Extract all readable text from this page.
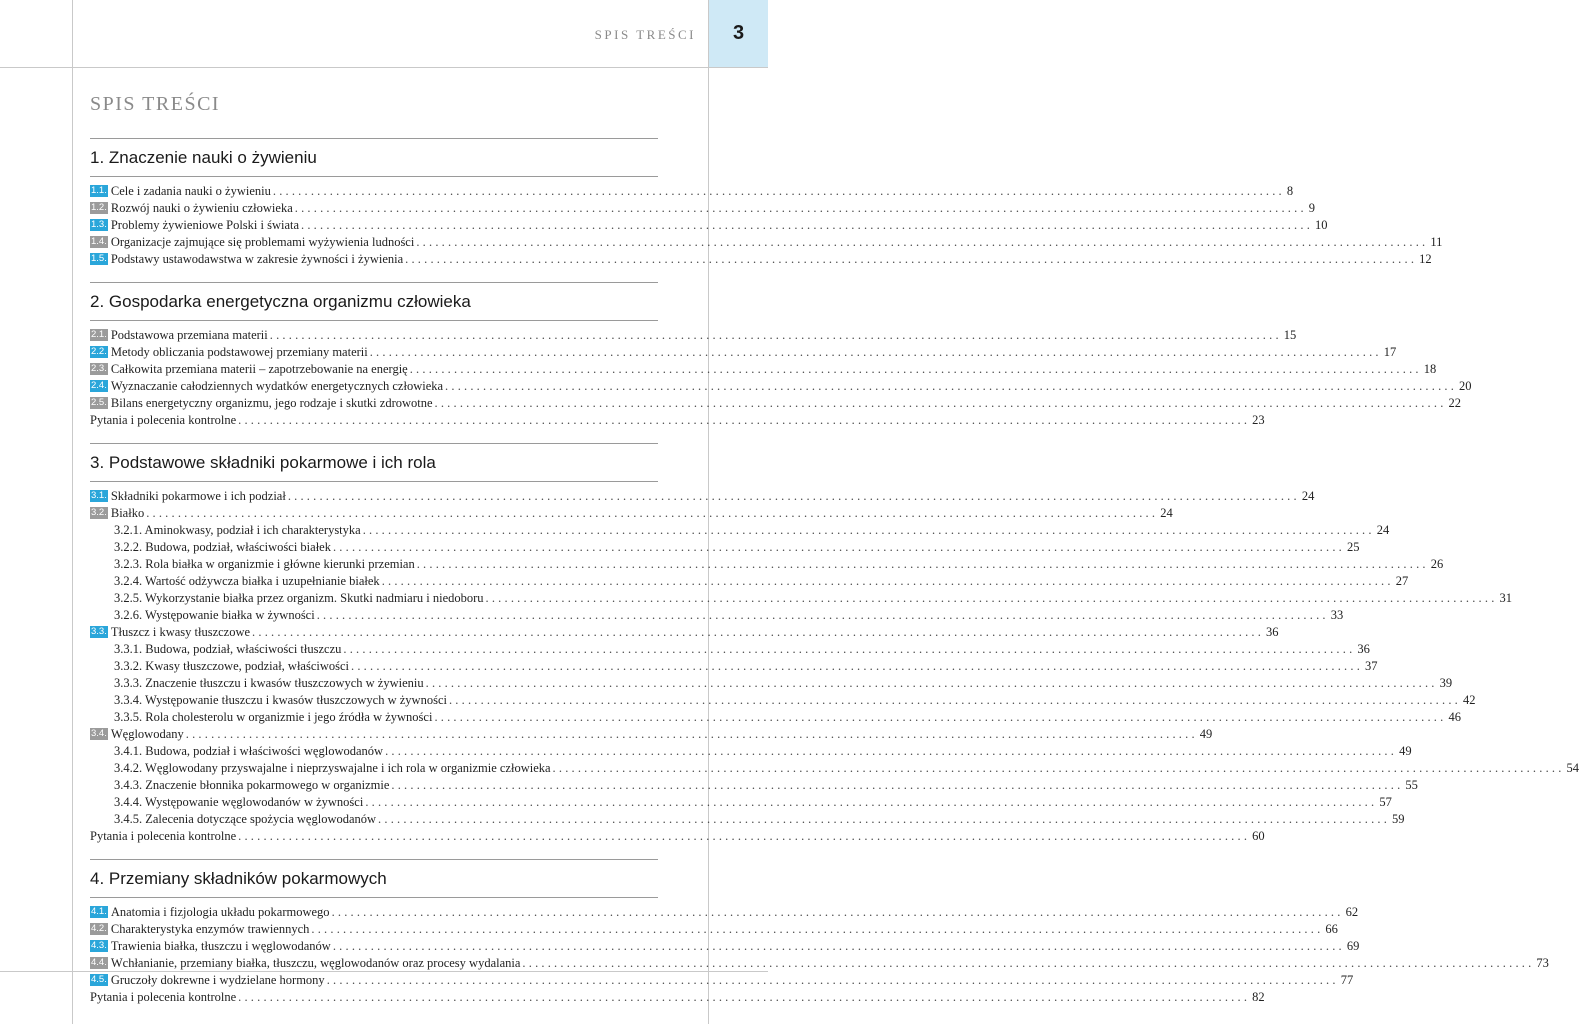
SPIS TREŚCI	3
SPIS TREŚCI
1. Znaczenie nauki o żywieniu
1.1. Cele i zadania nauki o żywieniu ................................................................................................................................................................ 8
1.2. Rozwój nauki o żywieniu człowieka ................................................................................................................................................................ 9
1.3. Problemy żywieniowe Polski i świata ................................................................................................................................................................ 10
1.4. Organizacje zajmujące się problemami wyżywienia ludności ................................................................................................................................................................ 11
1.5. Podstawy ustawodawstwa w zakresie żywności i żywienia ................................................................................................................................................................ 12
2. Gospodarka energetyczna organizmu człowieka
2.1. Podstawowa przemiana materii ................................................................................................................................................................ 15
2.2. Metody obliczania podstawowej przemiany materii ................................................................................................................................................................ 17
2.3. Całkowita przemiana materii – zapotrzebowanie na energię ................................................................................................................................................................ 18
2.4. Wyznaczanie całodziennych wydatków energetycznych człowieka ................................................................................................................................................................ 20
2.5. Bilans energetyczny organizmu, jego rodzaje i skutki zdrowotne ................................................................................................................................................................ 22
Pytania i polecenia kontrolne ................................................................................................................................................................ 23
3. Podstawowe składniki pokarmowe i ich rola
3.1. Składniki pokarmowe i ich podział ................................................................................................................................................................ 24
3.2. Białko ................................................................................................................................................................ 24
3.2.1. Aminokwasy, podział i ich charakterystyka ................................................................................................................................................................ 24
3.2.2. Budowa, podział, właściwości białek ................................................................................................................................................................ 25
3.2.3. Rola białka w organizmie i główne kierunki przemian ................................................................................................................................................................ 26
3.2.4. Wartość odżywcza białka i uzupełnianie białek ................................................................................................................................................................ 27
3.2.5. Wykorzystanie białka przez organizm. Skutki nadmiaru i niedoboru ................................................................................................................................................................ 31
3.2.6. Występowanie białka w żywności ................................................................................................................................................................ 33
3.3. Tłuszcz i kwasy tłuszczowe ................................................................................................................................................................ 36
3.3.1. Budowa, podział, właściwości tłuszczu ................................................................................................................................................................ 36
3.3.2. Kwasy tłuszczowe, podział, właściwości ................................................................................................................................................................ 37
3.3.3. Znaczenie tłuszczu i kwasów tłuszczowych w żywieniu ................................................................................................................................................................ 39
3.3.4. Występowanie tłuszczu i kwasów tłuszczowych w żywności ................................................................................................................................................................ 42
3.3.5. Rola cholesterolu w organizmie i jego źródła w żywności ................................................................................................................................................................ 46
3.4. Węglowodany ................................................................................................................................................................ 49
3.4.1. Budowa, podział i właściwości węglowodanów ................................................................................................................................................................ 49
3.4.2. Węglowodany przyswajalne i nieprzyswajalne i ich rola w organizmie człowieka ................................................................................................................................................................ 54
3.4.3. Znaczenie błonnika pokarmowego w organizmie ................................................................................................................................................................ 55
3.4.4. Występowanie węglowodanów w żywności ................................................................................................................................................................ 57
3.4.5. Zalecenia dotyczące spożycia węglowodanów ................................................................................................................................................................ 59
Pytania i polecenia kontrolne ................................................................................................................................................................ 60
4. Przemiany składników pokarmowych
4.1. Anatomia i fizjologia układu pokarmowego ................................................................................................................................................................ 62
4.2. Charakterystyka enzymów trawiennych ................................................................................................................................................................ 66
4.3. Trawienia białka, tłuszczu i węglowodanów ................................................................................................................................................................ 69
4.4. Wchłanianie, przemiany białka, tłuszczu, węglowodanów oraz procesy wydalania ................................................................................................................................................................ 73
4.5. Gruczoły dokrewne i wydzielane hormony ................................................................................................................................................................ 77
Pytania i polecenia kontrolne ................................................................................................................................................................ 82
